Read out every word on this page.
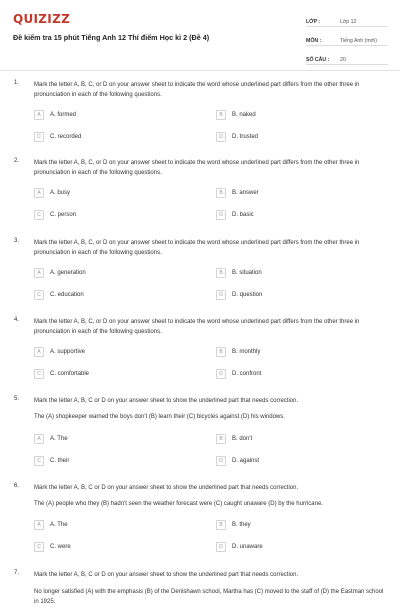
QUIZIZZ
Đề kiểm tra 15 phút Tiếng Anh 12 Thí điểm Học kì 2 (Đề 4)
LỚP :	Lớp 12
MÔN :	Tiếng Anh (mới)
SỐ CÂU :	20
1. Mark the letter A, B, C, or D on your answer sheet to indicate the word whose underlined part differs from the other three in pronunciation in each of the following questions.
A	A. formed	B	B. naked
C	C. recorded	D	D. trusted
2. Mark the letter A, B, C, or D on your answer sheet to indicate the word whose underlined part differs from the other three in pronunciation in each of the following questions.
A	A. busy	B	B. answer
C	C. person	D	D. basic
3. Mark the letter A, B, C, or D on your answer sheet to indicate the word whose underlined part differs from the other three in pronunciation in each of the following questions.
A	A. generation	B	B. situation
C	C. education	D	D. question
4. Mark the letter A, B, C, or D on your answer sheet to indicate the word whose underlined part differs from the other three in pronunciation in each of the following questions.
A	A. supportive	B	B. monthly
C	C. comfortable	D	D. confront
5. Mark the letter A, B, C or D on your answer sheet to show the underlined part that needs correction.
The (A) shopkeeper warned the boys don't (B) learn their (C) bicycles against (D) his windows.
A	A. The	B	B. don't
C	C. their	D	D. against
6. Mark the letter A, B, C or D on your answer sheet to show the underlined part that needs correction.
The (A) people who they (B) hadn't seen the weather forecast were (C) caught unaware (D) by the hurricane.
A	A. The	B	B. they
C	C. were	D	D. unaware
7. Mark the letter A, B, C or D on your answer sheet to show the underlined part that needs correction.
No longer satisfied (A) with the emphasis (B) of the Denishawn school, Martha has (C) moved to the staff of (D) the Eastman school in 1925.
